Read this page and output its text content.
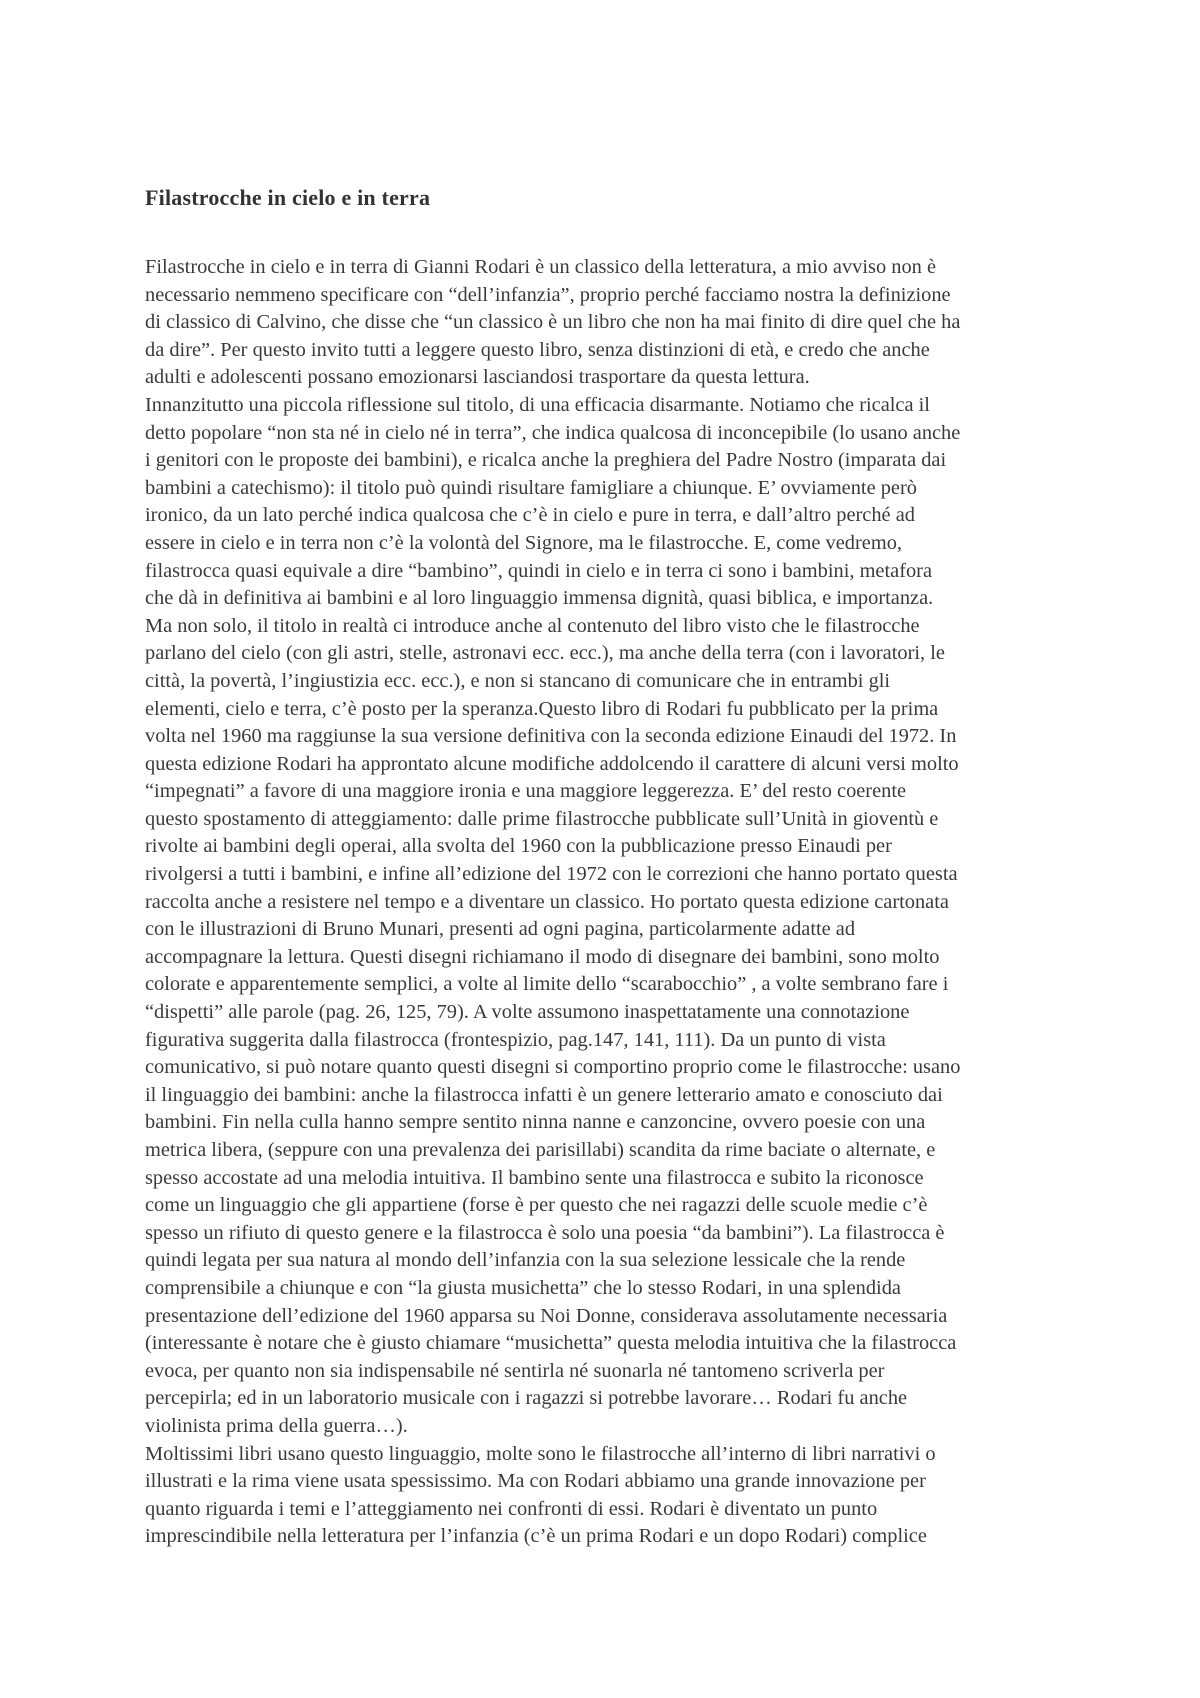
Filastrocche in cielo e in terra
Filastrocche in cielo e in terra di Gianni Rodari è un classico della letteratura, a mio avviso non è
necessario nemmeno specificare con “dell’infanzia”, proprio perché facciamo nostra la definizione
di classico di Calvino, che disse che “un classico è un libro che non ha mai finito di dire quel che ha
da dire”. Per questo invito tutti a leggere questo libro, senza distinzioni di età, e credo che anche
adulti e adolescenti possano emozionarsi lasciandosi trasportare da questa lettura.
Innanzitutto una piccola riflessione sul titolo, di una efficacia disarmante. Notiamo che ricalca il
detto popolare “non sta né in cielo né in terra”, che indica qualcosa di inconcepibile (lo usano anche
i genitori con le proposte dei bambini), e ricalca anche la preghiera del Padre Nostro (imparata dai
bambini a catechismo): il titolo può quindi risultare famigliare a chiunque. E’ ovviamente però
ironico, da un lato perché indica qualcosa che c’è in cielo e pure in terra, e dall’altro perché ad
essere in cielo e in terra non c’è la volontà del Signore, ma le filastrocche. E, come vedremo,
filastrocca quasi equivale a dire “bambino”, quindi in cielo e in terra ci sono i bambini, metafora
che dà in definitiva ai bambini e al loro linguaggio immensa dignità, quasi biblica, e importanza.
Ma non solo, il titolo in realtà ci introduce anche al contenuto del libro visto che le filastrocche
parlano del cielo (con gli astri, stelle, astronavi ecc. ecc.), ma anche della terra (con i lavoratori, le
città, la povertà, l’ingiustizia ecc. ecc.), e non si stancano di comunicare che in entrambi gli
elementi, cielo e terra, c’è posto per la speranza.Questo libro di Rodari fu pubblicato per la prima
volta nel 1960 ma raggiunse la sua versione definitiva con la seconda edizione Einaudi del 1972. In
questa edizione Rodari ha approntato alcune modifiche addolcendo il carattere di alcuni versi molto
“impegnati” a favore di una maggiore ironia e una maggiore leggerezza. E’ del resto coerente
questo spostamento di atteggiamento: dalle prime filastrocche pubblicate sull’Unità in gioventù e
rivolte ai bambini degli operai, alla svolta del 1960 con la pubblicazione presso Einaudi per
rivolgersi a tutti i bambini, e infine all’edizione del 1972 con le correzioni che hanno portato questa
raccolta anche a resistere nel tempo e a diventare un classico. Ho portato questa edizione cartonata
con le illustrazioni di Bruno Munari, presenti ad ogni pagina, particolarmente adatte ad
accompagnare la lettura. Questi disegni richiamano il modo di disegnare dei bambini, sono molto
colorate e apparentemente semplici, a volte al limite dello “scarabocchio” , a volte sembrano fare i
“dispetti” alle parole (pag. 26, 125, 79). A volte assumono inaspettatamente una connotazione
figurativa suggerita dalla filastrocca (frontespizio, pag.147, 141, 111). Da un punto di vista
comunicativo, si può notare quanto questi disegni si comportino proprio come le filastrocche: usano
il linguaggio dei bambini: anche la filastrocca infatti è un genere letterario amato e conosciuto dai
bambini. Fin nella culla hanno sempre sentito ninna nanne e canzoncine, ovvero poesie con una
metrica libera, (seppure con una prevalenza dei parisillabi) scandita da rime baciate o alternate, e
spesso accostate ad una melodia intuitiva. Il bambino sente una filastrocca e subito la riconosce
come un linguaggio che gli appartiene (forse è per questo che nei ragazzi delle scuole medie c’è
spesso un rifiuto di questo genere e la filastrocca è solo una poesia “da bambini”). La filastrocca è
quindi legata per sua natura al mondo dell’infanzia con la sua selezione lessicale che la rende
comprensibile a chiunque e con “la giusta musichetta” che lo stesso Rodari, in una splendida
presentazione dell’edizione del 1960 apparsa su Noi Donne, considerava assolutamente necessaria
(interessante è notare che è giusto chiamare “musichetta” questa melodia intuitiva che la filastrocca
evoca, per quanto non sia indispensabile né sentirla né suonarla né tantomeno scriverla per
percepirla; ed in un laboratorio musicale con i ragazzi si potrebbe lavorare… Rodari fu anche
violinista prima della guerra…).
Moltissimi libri usano questo linguaggio, molte sono le filastrocche all’interno di libri narrativi o
illustrati e la rima viene usata spessissimo. Ma con Rodari abbiamo una grande innovazione per
quanto riguarda i temi e l’atteggiamento nei confronti di essi. Rodari è diventato un punto
imprescindibile nella letteratura per l’infanzia (c’è un prima Rodari e un dopo Rodari) complice
